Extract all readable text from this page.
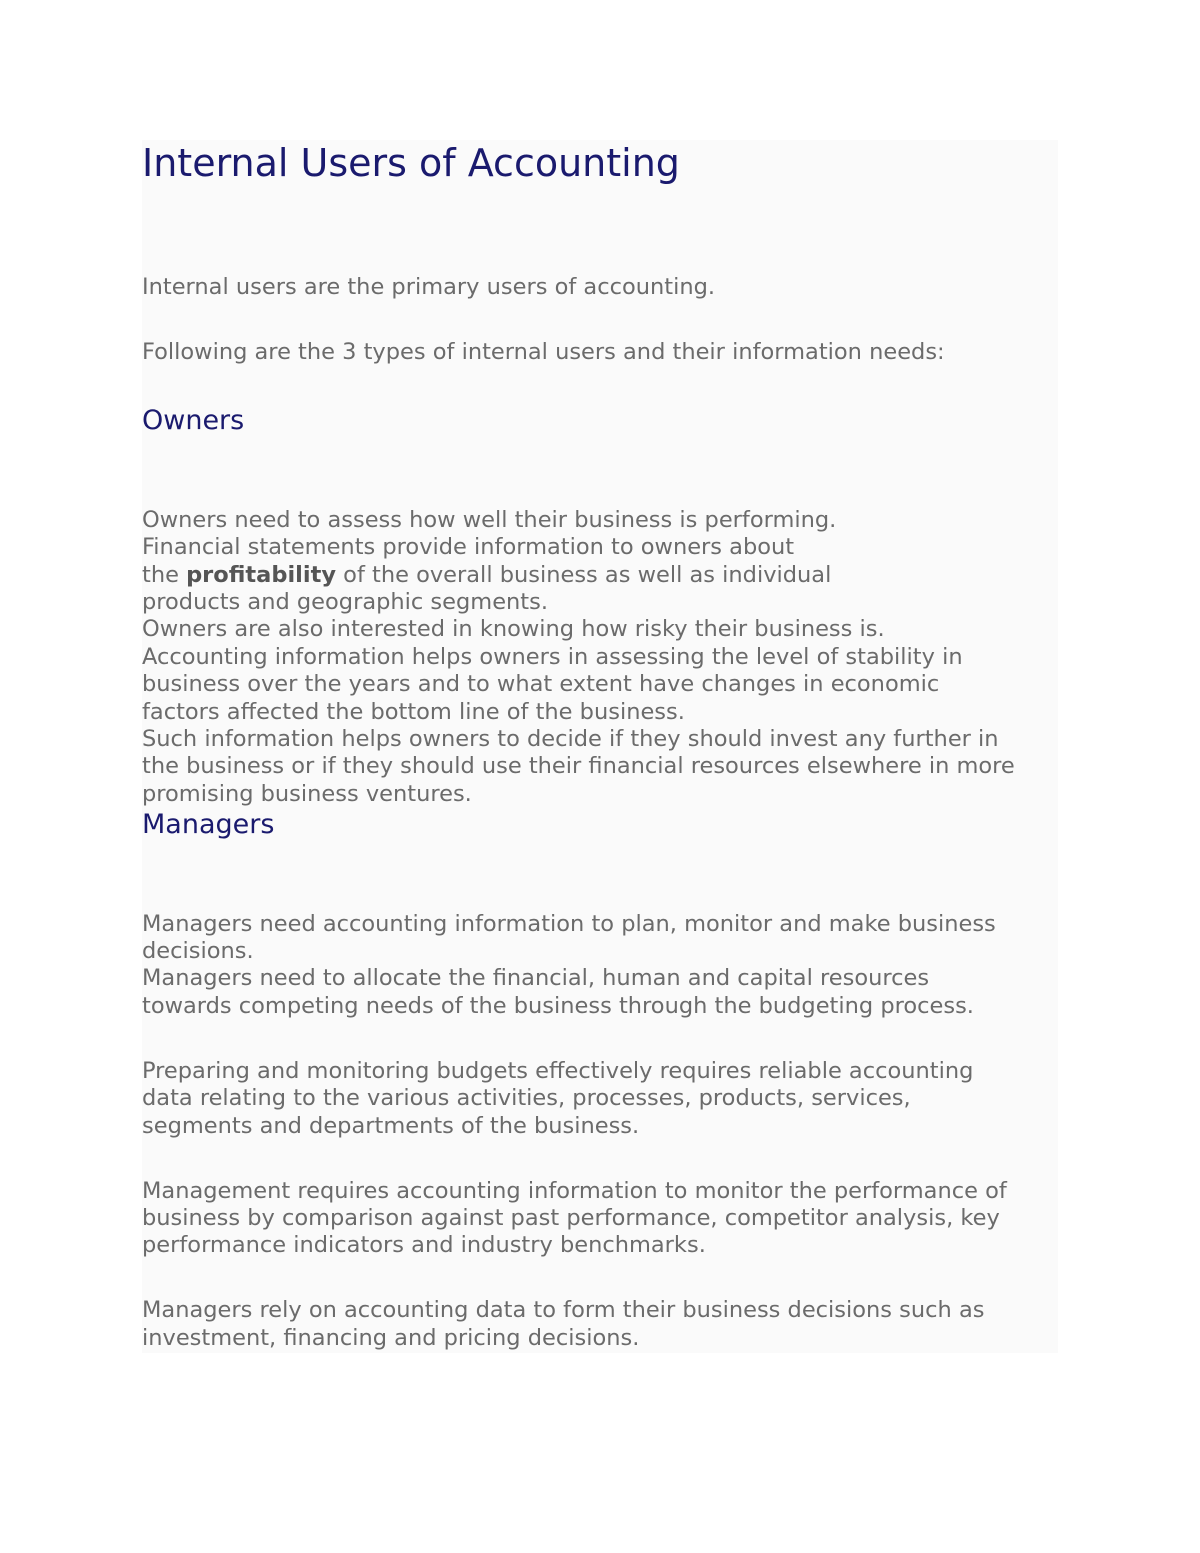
Internal Users of Accounting

Internal users are the primary users of accounting.

Following are the 3 types of internal users and their information needs:

Owners

Owners need to assess how well their business is performing.

Financial statements provide information to owners about

the profitability of the overall business as well as individual

products and geographic segments.

Owners are also interested in knowing how risky their business is.

Accounting information helps owners in assessing the level of stability in

business over the years and to what extent have changes in economic

factors affected the bottom line of the business.

Such information helps owners to decide if they should invest any further in

the business or if they should use their financial resources elsewhere in more

promising business ventures.

Managers

Managers need accounting information to plan, monitor and make business

decisions.

Managers need to allocate the financial, human and capital resources

towards competing needs of the business through the budgeting process.

Preparing and monitoring budgets effectively requires reliable accounting

data relating to the various activities, processes, products, services,

segments and departments of the business.

Management requires accounting information to monitor the performance of

business by comparison against past performance, competitor analysis, key

performance indicators and industry benchmarks.

Managers rely on accounting data to form their business decisions such as

investment, financing and pricing decisions.
